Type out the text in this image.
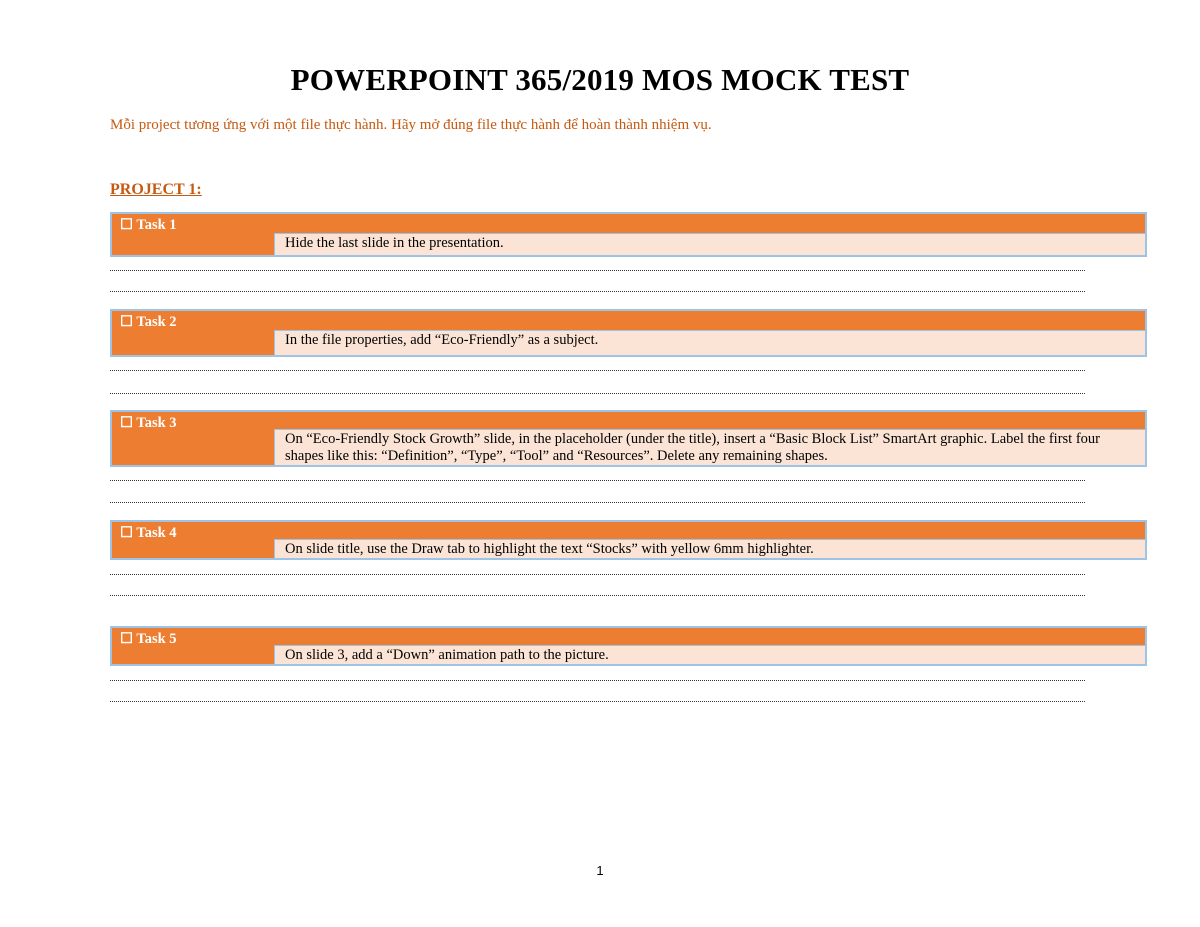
POWERPOINT 365/2019 MOS MOCK TEST
Mỗi project tương ứng với một file thực hành. Hãy mở đúng file thực hành để hoàn thành nhiệm vụ.
PROJECT 1:
☐ Task 1
Hide the last slide in the presentation.
☐ Task 2
In the file properties, add “Eco-Friendly” as a subject.
☐ Task 3
On “Eco-Friendly Stock Growth” slide, in the placeholder (under the title), insert a “Basic Block List” SmartArt graphic. Label the first four shapes like this: “Definition”, “Type”, “Tool” and “Resources”. Delete any remaining shapes.
☐ Task 4
On slide title, use the Draw tab to highlight the text “Stocks” with yellow 6mm highlighter.
☐ Task 5
On slide 3, add a “Down” animation path to the picture.
1
